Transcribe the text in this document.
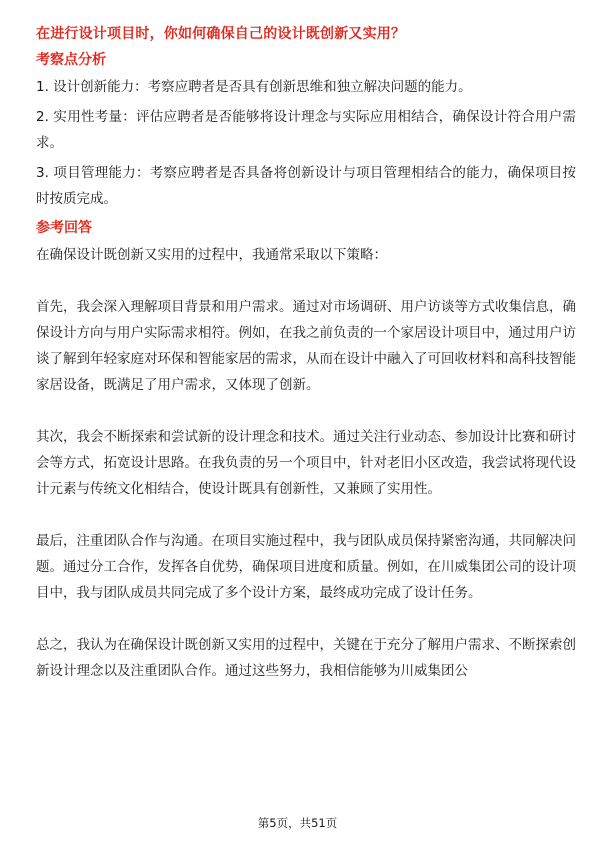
在进行设计项目时，你如何确保自己的设计既创新又实用？

考察点分析

1. 设计创新能力：考察应聘者是否具有创新思维和独立解决问题的能力。

2. 实用性考量：评估应聘者是否能够将设计理念与实际应用相结合，确保设计符合用户需求。

3. 项目管理能力：考察应聘者是否具备将创新设计与项目管理相结合的能力，确保项目按时按质完成。

参考回答

在确保设计既创新又实用的过程中，我通常采取以下策略：

首先，我会深入理解项目背景和用户需求。通过对市场调研、用户访谈等方式收集信息，确保设计方向与用户实际需求相符。例如，在我之前负责的一个家居设计项目中，通过用户访谈了解到年轻家庭对环保和智能家居的需求，从而在设计中融入了可回收材料和高科技智能家居设备，既满足了用户需求，又体现了创新。

其次，我会不断探索和尝试新的设计理念和技术。通过关注行业动态、参加设计比赛和研讨会等方式，拓宽设计思路。在我负责的另一个项目中，针对老旧小区改造，我尝试将现代设计元素与传统文化相结合，使设计既具有创新性，又兼顾了实用性。

最后，注重团队合作与沟通。在项目实施过程中，我与团队成员保持紧密沟通，共同解决问题。通过分工合作，发挥各自优势，确保项目进度和质量。例如，在川威集团公司的设计项目中，我与团队成员共同完成了多个设计方案，最终成功完成了设计任务。

总之，我认为在确保设计既创新又实用的过程中，关键在于充分了解用户需求、不断探索创新设计理念以及注重团队合作。通过这些努力，我相信能够为川威集团公

第5页，共51页
